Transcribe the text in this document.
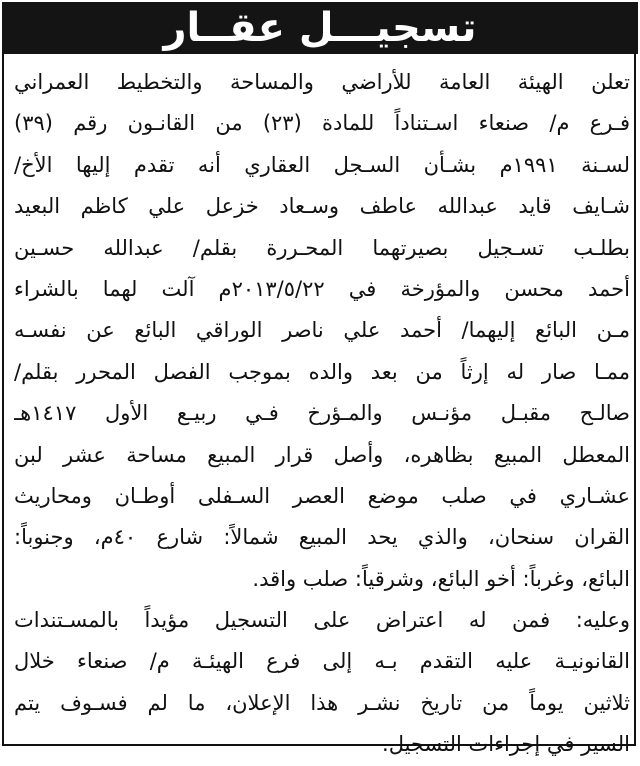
تسجيـــل عقــار
تعلن الهيئة العامة للأراضي والمساحة والتخطيط العمراني
فـرع م/ صنعاء اسـتناداً للمادة (٢٣) من القانـون رقم (٣٩)
لسـنة ١٩٩١م بشـأن السـجل العقاري أنه تقدم إليها الأخ/
شـايف قايد عبدالله عاطف وسـعاد خزعل علي كاظم البعيد
بطلـب تسـجيل بصيرتهما المحـررة بقلم/ عبدالله حسـين
أحمد محسن والمؤرخة في ٢٠١٣/٥/٢٢م آلت لهما بالشراء
مـن البائع إليهما/ أحمد علي ناصر الوراقي البائع عن نفسـه
ممـا صار له إرثاً من بعد والده بموجب الفصل المحرر بقلم/
صالـح مقبـل مؤنـس والمـؤرخ فـي ربيـع الأول ١٤١٧هـ
المعطل المبيع بظاهره، وأصل قرار المبيع مساحة عشر لبن
عشـاري في صلب موضع العصر السـفلى أوطـان ومحاريث
القران سنحان، والذي يحد المبيع شمالاً: شارع ٤٠م، وجنوباً:
البائع، وغرباً: أخو البائع، وشرقياً: صلب واقد.
وعليه: فمن له اعتراض على التسجيل مؤيداً بالمسـتندات
القانونيـة عليه التقدم بـه إلى فرع الهيئـة م/ صنعاء خلال
ثلاثين يوماً من تاريخ نشـر هذا الإعلان، ما لم فسـوف يتم
السير في إجراءات التسجيل.
